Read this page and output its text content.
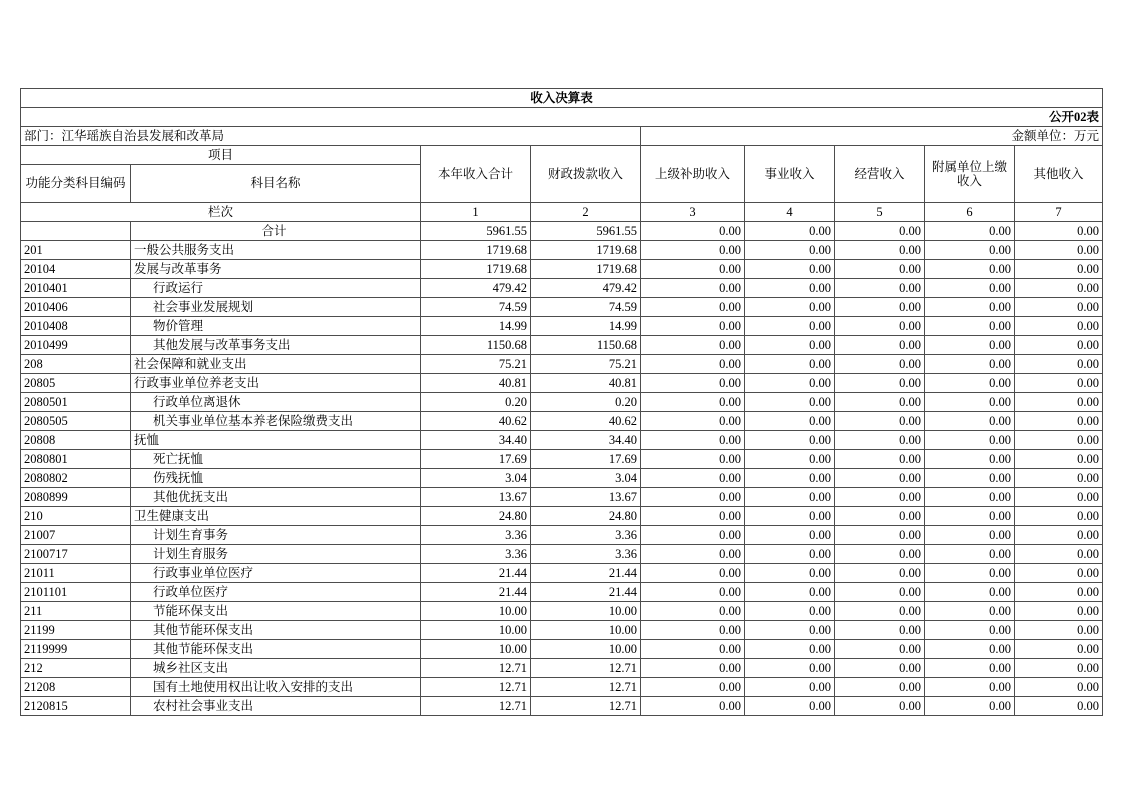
收入决算表								
				公开02表				
部门：江华瑶族自治县发展和改革局				金额单位：万元				
项目		本年收入合计	财政拨款收入	上级补助收入	事业收入	经营收入	附属单位上缴收入	其他收入
功能分类科目编码	科目名称							
栏次		1	2	3	4	5	6	7
	合计	5961.55	5961.55	0.00	0.00	0.00	0.00	0.00
201	一般公共服务支出	1719.68	1719.68	0.00	0.00	0.00	0.00	0.00
20104	发展与改革事务	1719.68	1719.68	0.00	0.00	0.00	0.00	0.00
2010401	行政运行	479.42	479.42	0.00	0.00	0.00	0.00	0.00
2010406	社会事业发展规划	74.59	74.59	0.00	0.00	0.00	0.00	0.00
2010408	物价管理	14.99	14.99	0.00	0.00	0.00	0.00	0.00
2010499	其他发展与改革事务支出	1150.68	1150.68	0.00	0.00	0.00	0.00	0.00
208	社会保障和就业支出	75.21	75.21	0.00	0.00	0.00	0.00	0.00
20805	行政事业单位养老支出	40.81	40.81	0.00	0.00	0.00	0.00	0.00
2080501	行政单位离退休	0.20	0.20	0.00	0.00	0.00	0.00	0.00
2080505	机关事业单位基本养老保险缴费支出	40.62	40.62	0.00	0.00	0.00	0.00	0.00
20808	抚恤	34.40	34.40	0.00	0.00	0.00	0.00	0.00
2080801	死亡抚恤	17.69	17.69	0.00	0.00	0.00	0.00	0.00
2080802	伤残抚恤	3.04	3.04	0.00	0.00	0.00	0.00	0.00
2080899	其他优抚支出	13.67	13.67	0.00	0.00	0.00	0.00	0.00
210	卫生健康支出	24.80	24.80	0.00	0.00	0.00	0.00	0.00
21007	计划生育事务	3.36	3.36	0.00	0.00	0.00	0.00	0.00
2100717	计划生育服务	3.36	3.36	0.00	0.00	0.00	0.00	0.00
21011	行政事业单位医疗	21.44	21.44	0.00	0.00	0.00	0.00	0.00
2101101	行政单位医疗	21.44	21.44	0.00	0.00	0.00	0.00	0.00
211	节能环保支出	10.00	10.00	0.00	0.00	0.00	0.00	0.00
21199	其他节能环保支出	10.00	10.00	0.00	0.00	0.00	0.00	0.00
2119999	其他节能环保支出	10.00	10.00	0.00	0.00	0.00	0.00	0.00
212	城乡社区支出	12.71	12.71	0.00	0.00	0.00	0.00	0.00
21208	国有土地使用权出让收入安排的支出	12.71	12.71	0.00	0.00	0.00	0.00	0.00
2120815	农村社会事业支出	12.71	12.71	0.00	0.00	0.00	0.00	0.00
